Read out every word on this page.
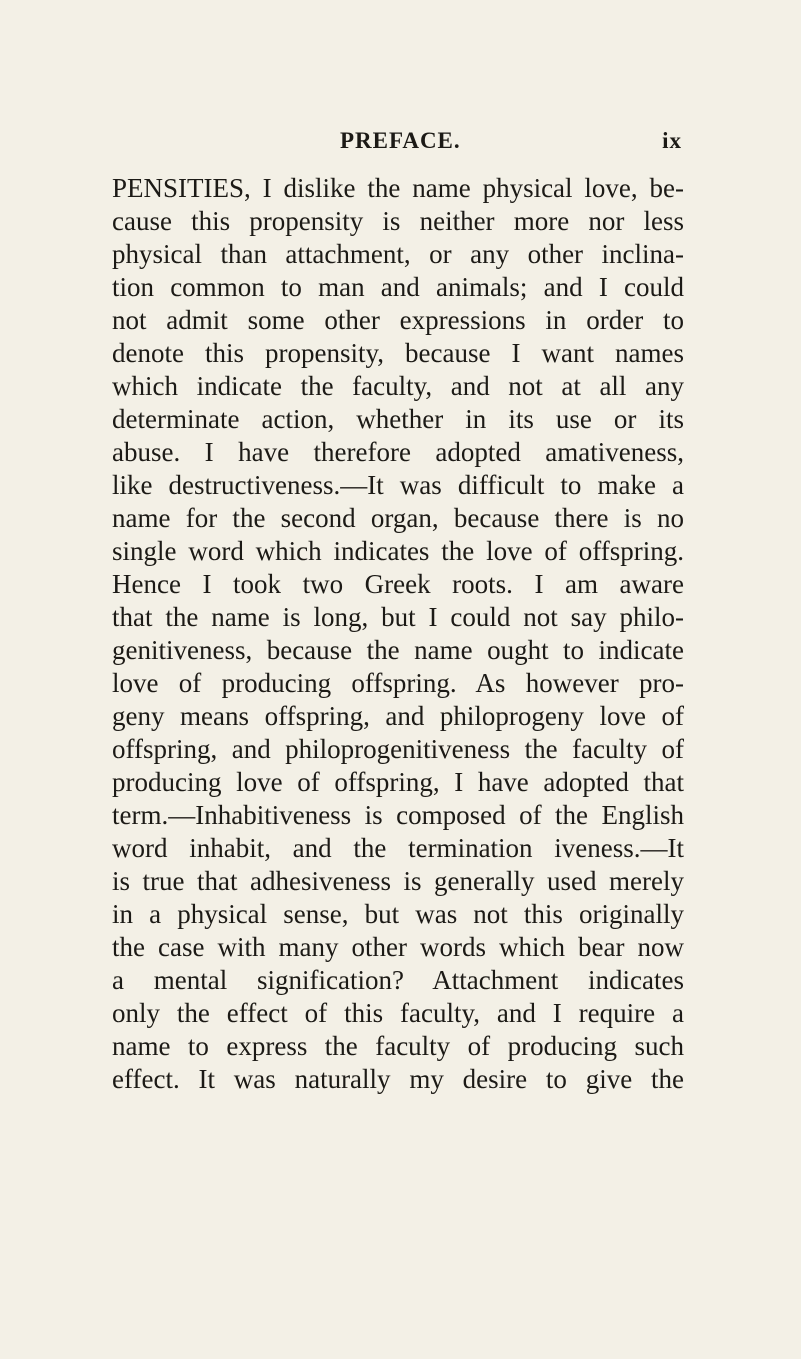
PREFACE.	ix
PENSITIES, I dislike the name physical love, be-
cause this propensity is neither more nor less
physical than attachment, or any other inclina-
tion common to man and animals; and I could
not admit some other expressions in order to
denote this propensity, because I want names
which indicate the faculty, and not at all any
determinate action, whether in its use or its
abuse. I have therefore adopted amativeness,
like destructiveness.—It was difficult to make a
name for the second organ, because there is no
single word which indicates the love of offspring.
Hence I took two Greek roots. I am aware
that the name is long, but I could not say philo-
genitiveness, because the name ought to indicate
love of producing offspring. As however pro-
geny means offspring, and philoprogeny love of
offspring, and philoprogenitiveness the faculty of
producing love of offspring, I have adopted that
term.—Inhabitiveness is composed of the English
word inhabit, and the termination iveness.—It
is true that adhesiveness is generally used merely
in a physical sense, but was not this originally
the case with many other words which bear now
a mental signification? Attachment indicates
only the effect of this faculty, and I require a
name to express the faculty of producing such
effect. It was naturally my desire to give the
